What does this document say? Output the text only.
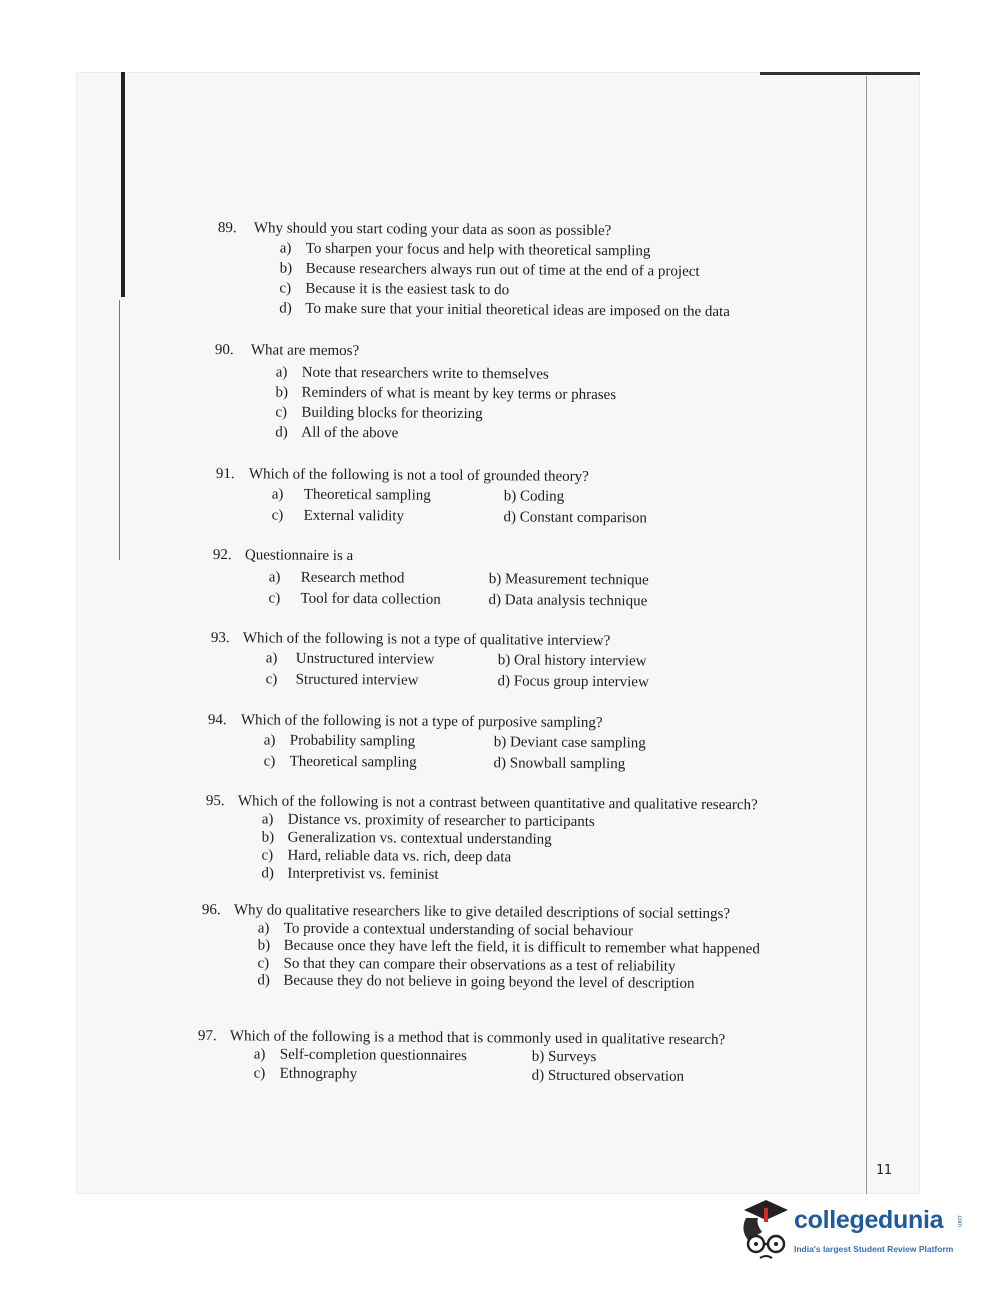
89. Why should you start coding your data as soon as possible?
a) To sharpen your focus and help with theoretical sampling
b) Because researchers always run out of time at the end of a project
c) Because it is the easiest task to do
d) To make sure that your initial theoretical ideas are imposed on the data
90. What are memos?
a) Note that researchers write to themselves
b) Reminders of what is meant by key terms or phrases
c) Building blocks for theorizing
d) All of the above
91. Which of the following is not a tool of grounded theory?
a) Theoretical sampling	b) Coding
c) External validity	d) Constant comparison
92. Questionnaire is a
a) Research method	b) Measurement technique
c) Tool for data collection	d) Data analysis technique
93. Which of the following is not a type of qualitative interview?
a) Unstructured interview	b) Oral history interview
c) Structured interview	d) Focus group interview
94. Which of the following is not a type of purposive sampling?
a) Probability sampling	b) Deviant case sampling
c) Theoretical sampling	d) Snowball sampling
95. Which of the following is not a contrast between quantitative and qualitative research?
a) Distance vs. proximity of researcher to participants
b) Generalization vs. contextual understanding
c) Hard, reliable data vs. rich, deep data
d) Interpretivist vs. feminist
96. Why do qualitative researchers like to give detailed descriptions of social settings?
a) To provide a contextual understanding of social behaviour
b) Because once they have left the field, it is difficult to remember what happened
c) So that they can compare their observations as a test of reliability
d) Because they do not believe in going beyond the level of description
97. Which of the following is a method that is commonly used in qualitative research?
a) Self-completion questionnaires	b) Surveys
c) Ethnography	d) Structured observation
11
collegedunia .com
India's largest Student Review Platform
